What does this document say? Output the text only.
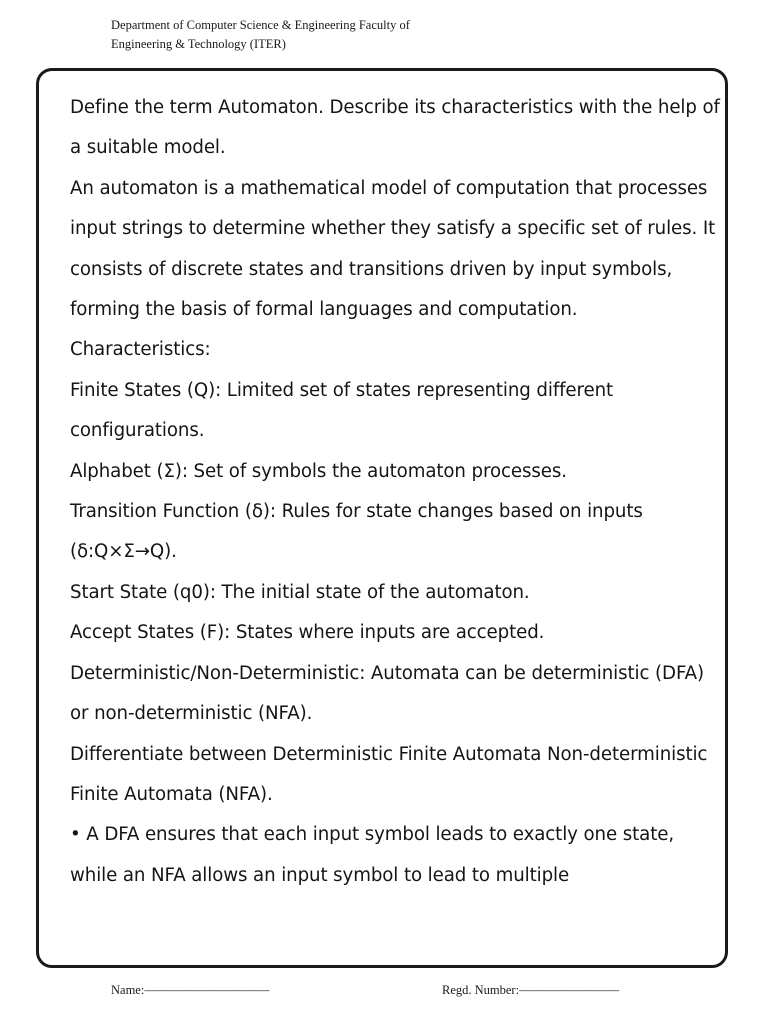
Department of Computer Science & Engineering Faculty of
Engineering & Technology (ITER)

Define the term Automaton. Describe its characteristics with the help of a suitable model.

An automaton is a mathematical model of computation that processes input strings to determine whether they satisfy a specific set of rules. It consists of discrete states and transitions driven by input symbols, forming the basis of formal languages and computation.

Characteristics:

Finite States (Q): Limited set of states representing different configurations.

Alphabet (Σ): Set of symbols the automaton processes.

Transition Function (δ): Rules for state changes based on inputs (δ:Q×Σ→Q).

Start State (q0): The initial state of the automaton.

Accept States (F): States where inputs are accepted.

Deterministic/Non-Deterministic: Automata can be deterministic (DFA) or non-deterministic (NFA).

Differentiate between Deterministic Finite Automata Non-deterministic Finite Automata (NFA).

• A DFA ensures that each input symbol leads to exactly one state, while an NFA allows an input symbol to lead to multiple

Name:——————————	Regd. Number:————————
